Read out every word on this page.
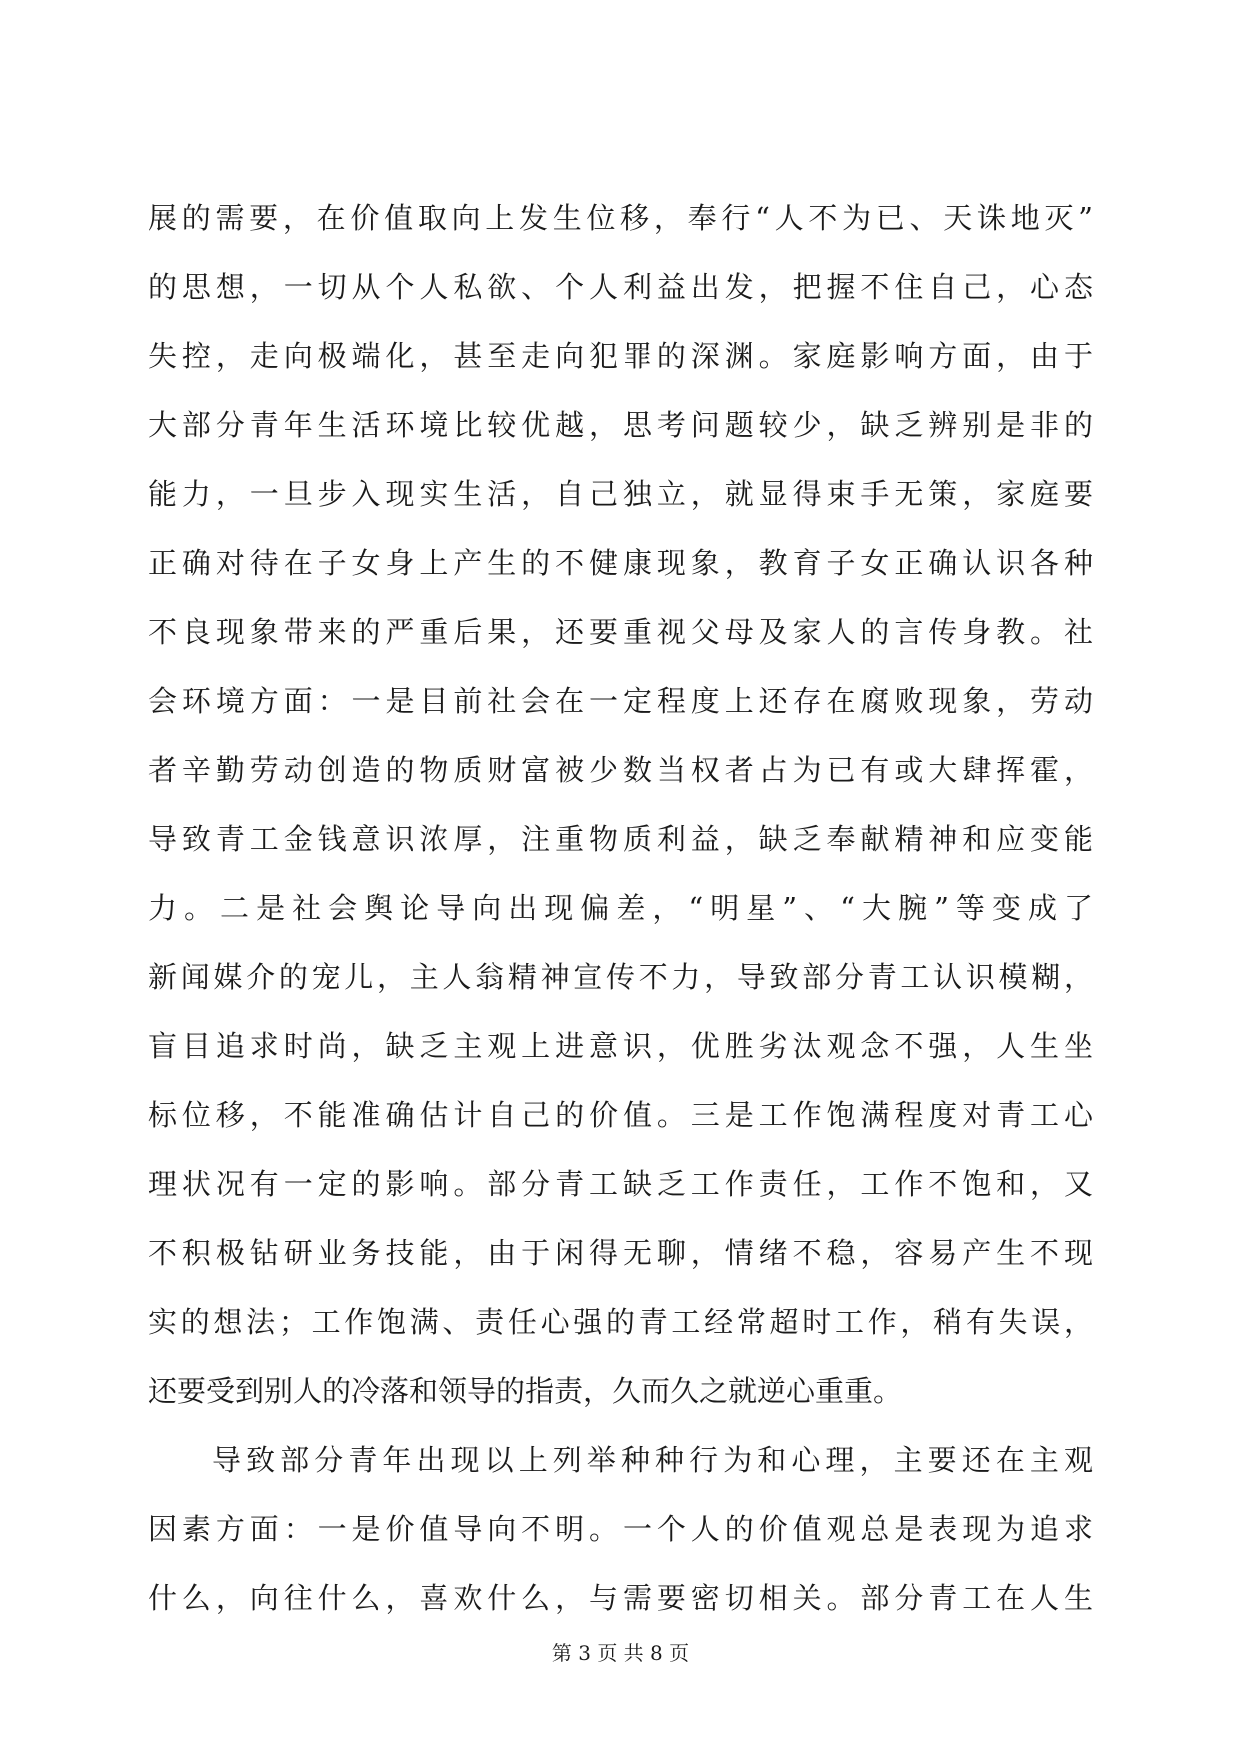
展的需要，在价值取向上发生位移，奉行“人不为已、天诛地灭”
的思想，一切从个人私欲、个人利益出发，把握不住自己，心态
失控，走向极端化，甚至走向犯罪的深渊。家庭影响方面，由于
大部分青年生活环境比较优越，思考问题较少，缺乏辨别是非的
能力，一旦步入现实生活，自己独立，就显得束手无策，家庭要
正确对待在子女身上产生的不健康现象，教育子女正确认识各种
不良现象带来的严重后果，还要重视父母及家人的言传身教。社
会环境方面：一是目前社会在一定程度上还存在腐败现象，劳动
者辛勤劳动创造的物质财富被少数当权者占为已有或大肆挥霍，
导致青工金钱意识浓厚，注重物质利益，缺乏奉献精神和应变能
力。二是社会舆论导向出现偏差，“明星”、“大腕”等变成了
新闻媒介的宠儿，主人翁精神宣传不力，导致部分青工认识模糊，
盲目追求时尚，缺乏主观上进意识，优胜劣汰观念不强，人生坐
标位移，不能准确估计自己的价值。三是工作饱满程度对青工心
理状况有一定的影响。部分青工缺乏工作责任，工作不饱和，又
不积极钻研业务技能，由于闲得无聊，情绪不稳，容易产生不现
实的想法；工作饱满、责任心强的青工经常超时工作，稍有失误，
还要受到别人的冷落和领导的指责，久而久之就逆心重重。
导致部分青年出现以上列举种种行为和心理，主要还在主观
因素方面：一是价值导向不明。一个人的价值观总是表现为追求
什么，向往什么，喜欢什么，与需要密切相关。部分青工在人生
第 3 页 共 8 页
